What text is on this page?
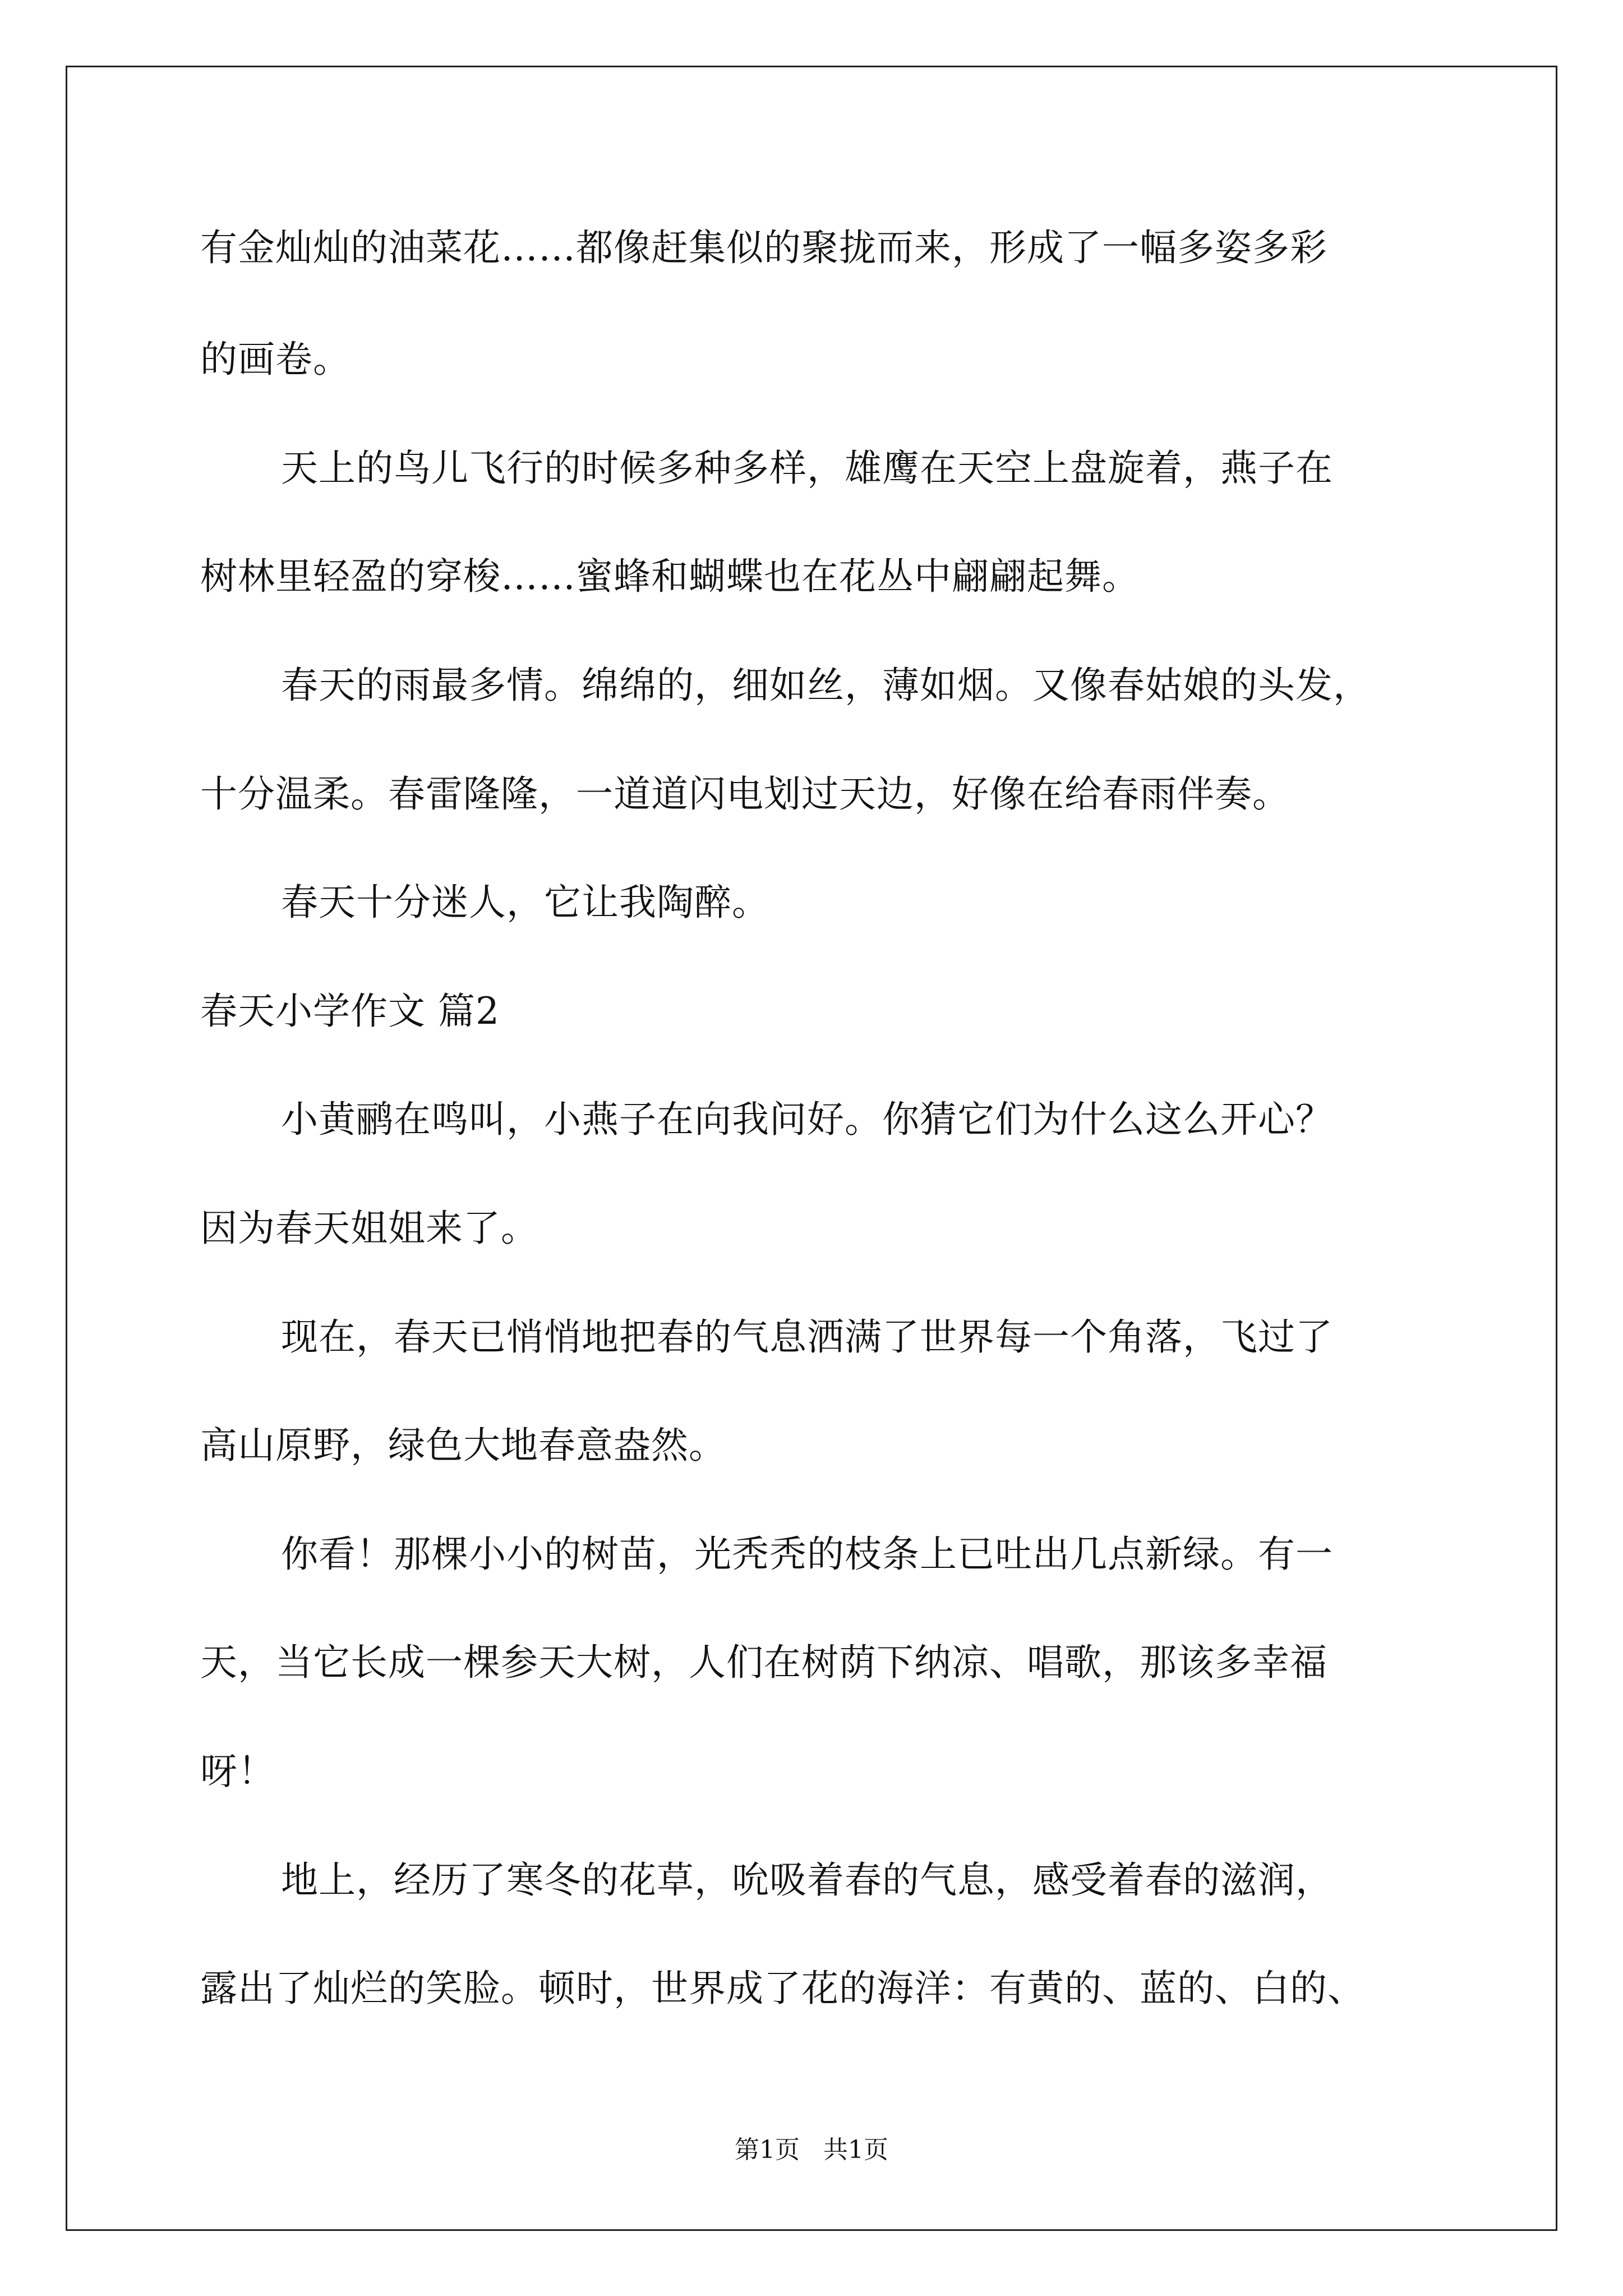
有金灿灿的油菜花……都像赶集似的聚拢而来，形成了一幅多姿多彩
的画卷。
天上的鸟儿飞行的时候多种多样，雄鹰在天空上盘旋着，燕子在
树林里轻盈的穿梭……蜜蜂和蝴蝶也在花丛中翩翩起舞。
春天的雨最多情。绵绵的，细如丝，薄如烟。又像春姑娘的头发，
十分温柔。春雷隆隆，一道道闪电划过天边，好像在给春雨伴奏。
春天十分迷人，它让我陶醉。
春天小学作文 篇2
小黄鹂在鸣叫，小燕子在向我问好。你猜它们为什么这么开心？
因为春天姐姐来了。
现在，春天已悄悄地把春的气息洒满了世界每一个角落，飞过了
高山原野，绿色大地春意盎然。
你看！那棵小小的树苗，光秃秃的枝条上已吐出几点新绿。有一
天，当它长成一棵参天大树，人们在树荫下纳凉、唱歌，那该多幸福
呀！
地上，经历了寒冬的花草，吮吸着春的气息，感受着春的滋润，
露出了灿烂的笑脸。顿时，世界成了花的海洋：有黄的、蓝的、白的、
第1页   共1页
